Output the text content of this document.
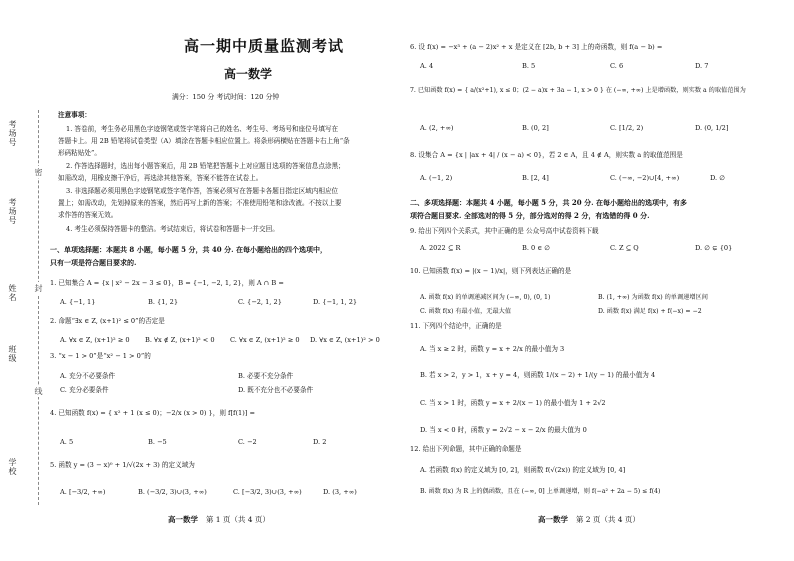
考场号
考场号
姓名
班级
学校
密
封
线
高一期中质量监测考试
高一数学
满分：150 分 考试时间：120 分钟
注意事项：
1. 答卷前，考生务必用黑色字迹钢笔或签字笔将自己的姓名、考生号、考场号和座位号填写在
答题卡上。用 2B 铅笔将试卷类型（A）填涂在答题卡相应位置上。将条形码横贴在答题卡右上角“条
形码粘贴处”。
2. 作答选择题时，选出每小题答案后，用 2B 铅笔把答题卡上对应题目选项的答案信息点涂黑；
如需改动，用橡皮擦干净后，再选涂其他答案，答案不能答在试卷上。
3. 非选择题必须用黑色字迹钢笔或签字笔作答，答案必须写在答题卡各题目指定区域内相应位
置上；如需改动，先划掉原来的答案，然后再写上新的答案；不准使用铅笔和涂改液。不按以上要
求作答的答案无效。
4. 考生必须保持答题卡的整洁。考试结束后，将试卷和答题卡一并交回。
一、单项选择题：本题共 8 小题，每小题 5 分，共 40 分. 在每小题给出的四个选项中，
只有一项是符合题目要求的.
1. 已知集合 A = {x | x² − 2x − 3 ≤ 0}，B = {−1, −2, 1, 2}，则 A ∩ B =
A. {−1, 1}	B. {1, 2}	C. {−2, 1, 2}	D. {−1, 1, 2}
2. 命题“∃x ∈ Z, (x+1)² ≤ 0”的否定是
A. ∀x ∈ Z, (x+1)² ≥ 0 B. ∀x ∉ Z, (x+1)² < 0 C. ∀x ∈ Z, (x+1)² ≥ 0 D. ∀x ∈ Z, (x+1)² > 0
3. “x − 1 > 0”是“x² − 1 > 0”的
A. 充分不必要条件	B. 必要不充分条件
C. 充分必要条件	D. 既不充分也不必要条件
4. 已知函数 f(x) = { x² + 1 (x ≤ 0)；−2/x (x > 0) }，则 f[f(1)] =
A. 5	B. −5	C. −2	D. 2
5. 函数 y = (3 − x)⁰ + 1/√(2x + 3) 的定义域为
A. [−3/2, +∞)	B. (−3/2, 3)∪(3, +∞)	C. [−3/2, 3)∪(3, +∞)	D. (3, +∞)
高一数学 第 1 页（共 4 页）
6. 设 f(x) = −x³ + (a − 2)x² + x 是定义在 [2b, b + 3] 上的奇函数，则 f(a − b) =
A. 4	B. 5	C. 6	D. 7
7. 已知函数 f(x) = { a/(x²+1), x ≤ 0；(2 − a)x + 3a − 1, x > 0 } 在 (−∞, +∞) 上是增函数，则实数 a 的取值范围为
A. (2, +∞)	B. (0, 2]	C. [1/2, 2)	D. (0, 1/2]
8. 设集合 A = {x | |ax + 4| / (x − a) < 0}，若 2 ∈ A，且 4 ∉ A，则实数 a 的取值范围是
A. (−1, 2)	B. [2, 4]	C. (−∞, −2)∪[4, +∞)	D. ∅
二、多项选择题：本题共 4 小题，每小题 5 分，共 20 分. 在每小题给出的选项中，有多
项符合题目要求. 全部选对的得 5 分，部分选对的得 2 分，有选错的得 0 分.
9. 给出下列四个关系式，其中正确的是 公众号高中试卷资料下载
A. 2022 ⊆ R	B. 0 ∈ ∅	C. Z ⊆ Q	D. ∅ ⊊ {0}
10. 已知函数 f(x) = |(x − 1)/x|，则下列表达正确的是
A. 函数 f(x) 的单调递减区间为 (−∞, 0), (0, 1)	B. (1, +∞) 为函数 f(x) 的单调递增区间
C. 函数 f(x) 有最小值，无最大值	D. 函数 f(x) 满足 f(x) + f(−x) = −2
11. 下列四个结论中，正确的是
A. 当 x ≥ 2 时，函数 y = x + 2/x 的最小值为 3
B. 若 x > 2，y > 1，x + y = 4，则函数 1/(x − 2) + 1/(y − 1) 的最小值为 4
C. 当 x > 1 时，函数 y = x + 2/(x − 1) 的最小值为 1 + 2√2
D. 当 x < 0 时，函数 y = 2√2 − x − 2/x 的最大值为 0
12. 给出下列命题，其中正确的命题是
A. 若函数 f(x) 的定义域为 [0, 2]，则函数 f(√(2x)) 的定义域为 [0, 4]
B. 函数 f(x) 为 R 上的偶函数，且在 (−∞, 0] 上单调递增，则 f(−a² + 2a − 5) ≤ f(4)
高一数学 第 2 页（共 4 页）
